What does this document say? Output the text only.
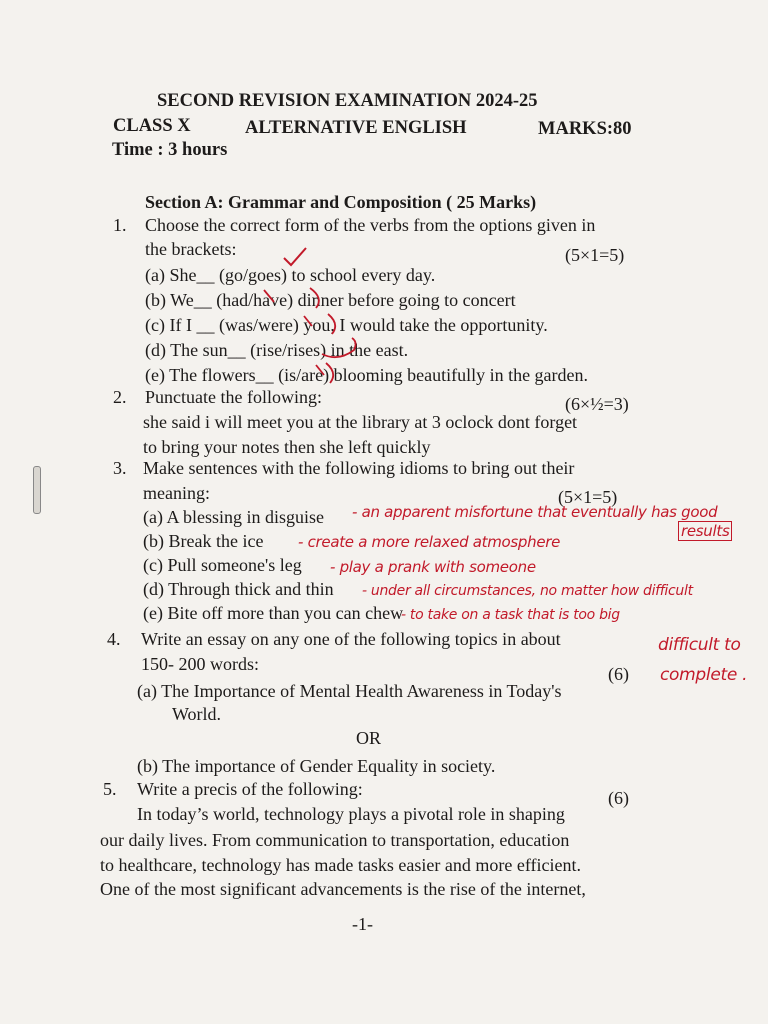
SECOND REVISION EXAMINATION 2024-25
CLASS X	ALTERNATIVE ENGLISH	MARKS:80
Time : 3 hours
Section A: Grammar and Composition ( 25 Marks)
1. Choose the correct form of the verbs from the options given in
the brackets:	(5×1=5)
(a) She__ (go/goes) to school every day.
(b) We__ (had/have) dinner before going to concert
(c) If I __ (was/were) you, I would take the opportunity.
(d) The sun__ (rise/rises) in the east.
(e) The flowers__ (is/are) blooming beautifully in the garden.
2. Punctuate the following:	(6×½=3)
she said i will meet you at the library at 3 oclock dont forget
to bring your notes then she left quickly
3. Make sentences with the following idioms to bring out their
meaning:	(5×1=5)
(a) A blessing in disguise
(b) Break the ice
(c) Pull someone's leg
(d) Through thick and thin
(e) Bite off more than you can chew
- an apparent misfortune that eventually has good
results
- create a more relaxed atmosphere
- play a prank with someone
- under all circumstances, no matter how difficult
- to take on a task that is too big
difficult to
complete .
4. Write an essay on any one of the following topics in about
150- 200 words:	(6)
(a) The Importance of Mental Health Awareness in Today's
World.
OR
(b) The importance of Gender Equality in society.
5. Write a precis of the following:	(6)
In today’s world, technology plays a pivotal role in shaping
our daily lives. From communication to transportation, education
to healthcare, technology has made tasks easier and more efficient.
One of the most significant advancements is the rise of the internet,
-1-
